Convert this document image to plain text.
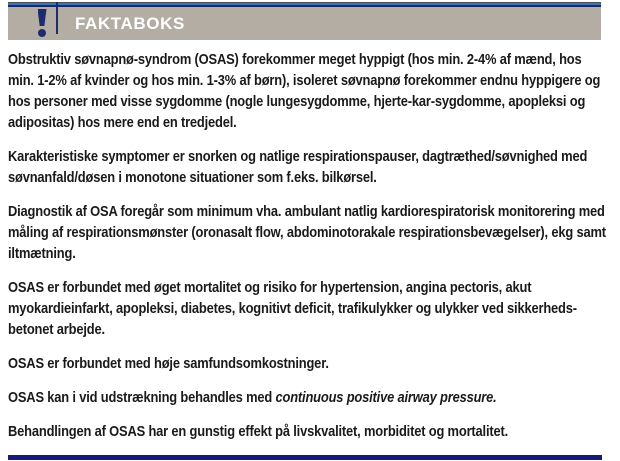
FAKTABOKS

Obstruktiv søvnapnø-syndrom (OSAS) forekommer meget hyppigt (hos min. 2-4% af mænd, hos min. 1-2% af kvinder og hos min. 1-3% af børn), isoleret søvnapnø forekommer endnu hyppigere og hos personer med visse sygdomme (nogle lungesygdomme, hjerte-kar-sygdomme, apopleksi og adipositas) hos mere end en tredjedel.

Karakteristiske symptomer er snorken og natlige respirationspauser, dagtræthed/søvnighed med søvnanfald/døsen i monotone situationer som f.eks. bilkørsel.

Diagnostik af OSA foregår som minimum vha. ambulant natlig kardiorespiratorisk monitorering med måling af respirationsmønster (oronasalt flow, abdominotorakale respirationsbevægelser), ekg samt iltmætning.

OSAS er forbundet med øget mortalitet og risiko for hypertension, angina pectoris, akut myokardieinfarkt, apopleksi, diabetes, kognitivt deficit, trafikulykker og ulykker ved sikkerheds-betonet arbejde.

OSAS er forbundet med høje samfundsomkostninger.

OSAS kan i vid udstrækning behandles med continuous positive airway pressure.

Behandlingen af OSAS har en gunstig effekt på livskvalitet, morbiditet og mortalitet.
